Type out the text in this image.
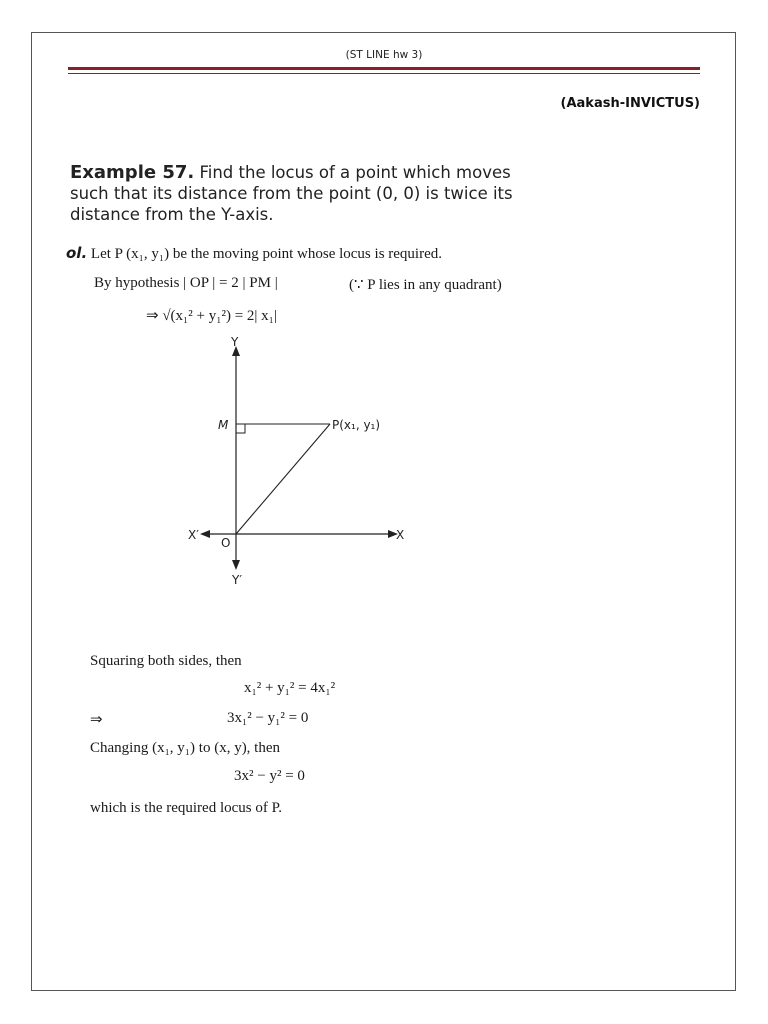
(ST LINE hw 3)
(Aakash-INVICTUS)
Example 57. Find the locus of a point which moves such that its distance from the point (0, 0) is twice its distance from the Y-axis.
ol. Let P (x₁, y₁) be the moving point whose locus is required.
By hypothesis | OP | = 2 | PM |	(∵ P lies in any quadrant)
⇒ √(x₁² + y₁²) = 2| x₁|
Y
Y′
X
X′
O
M	P(x₁, y₁)
Squaring both sides, then
x₁² + y₁² = 4x₁²
⇒	3x₁² − y₁² = 0
Changing (x₁, y₁) to (x, y), then
3x² − y² = 0
which is the required locus of P.
